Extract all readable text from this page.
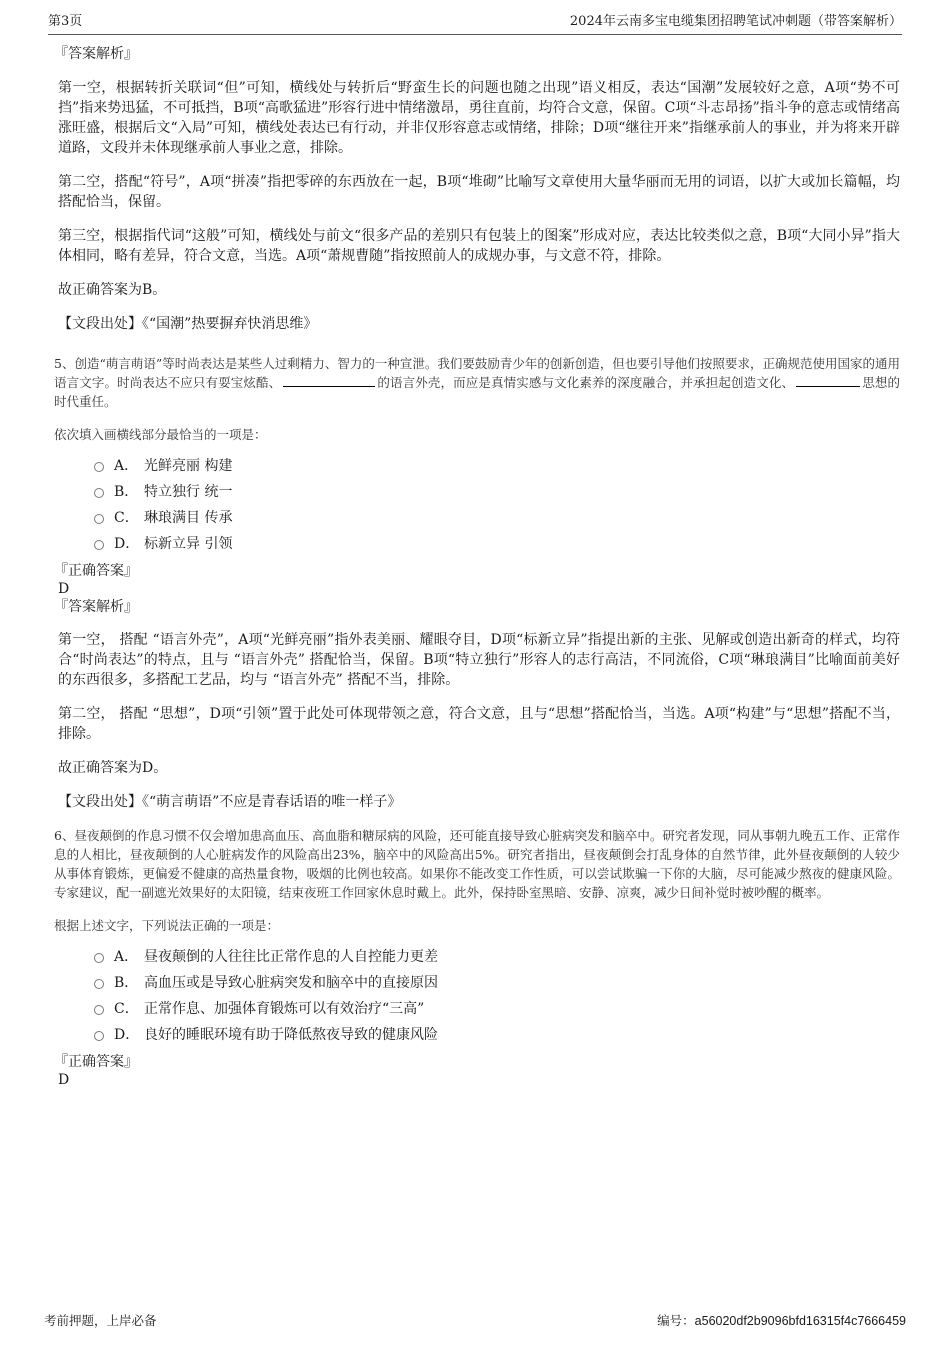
第3页	2024年云南多宝电缆集团招聘笔试冲刺题（带答案解析）

『答案解析』

第一空，根据转折关联词“但”可知，横线处与转折后“野蛮生长的问题也随之出现”语义相反，表达“国潮”发展较好之意，A项“势不可挡”指来势迅猛，不可抵挡，B项“高歌猛进”形容行进中情绪激昂，勇往直前，均符合文意，保留。C项“斗志昂扬”指斗争的意志或情绪高涨旺盛，根据后文“入局”可知，横线处表达已有行动，并非仅形容意志或情绪，排除；D项“继往开来”指继承前人的事业，并为将来开辟道路，文段并未体现继承前人事业之意，排除。

第二空，搭配“符号”，A项“拼凑”指把零碎的东西放在一起，B项“堆砌”比喻写文章使用大量华丽而无用的词语，以扩大或加长篇幅，均搭配恰当，保留。

第三空，根据指代词“这般”可知，横线处与前文“很多产品的差别只有包装上的图案”形成对应，表达比较类似之意，B项“大同小异”指大体相同，略有差异，符合文意，当选。A项“萧规曹随”指按照前人的成规办事，与文意不符，排除。

故正确答案为B。

【文段出处】《“国潮”热要摒弃快消思维》

5、创造“萌言萌语”等时尚表达是某些人过剩精力、智力的一种宣泄。我们要鼓励青少年的创新创造，但也要引导他们按照要求，正确规范使用国家的通用语言文字。时尚表达不应只有耍宝炫酷、	的语言外壳，而应是真情实感与文化素养的深度融合，并承担起创造文化、	思想的时代重任。

依次填入画横线部分最恰当的一项是：

A． 光鲜亮丽 构建
B． 特立独行 统一
C． 琳琅满目 传承
D． 标新立异 引领

『正确答案』

D

『答案解析』

第一空， 搭配 “语言外壳”，A项“光鲜亮丽”指外表美丽、耀眼夺目，D项“标新立异”指提出新的主张、见解或创造出新奇的样式，均符合“时尚表达”的特点，且与 “语言外壳” 搭配恰当，保留。B项“特立独行”形容人的志行高洁，不同流俗，C项“琳琅满目”比喻面前美好的东西很多，多搭配工艺品，均与 “语言外壳” 搭配不当，排除。

第二空， 搭配 “思想”，D项“引领”置于此处可体现带领之意，符合文意，且与“思想”搭配恰当，当选。A项“构建”与“思想”搭配不当，排除。

故正确答案为D。

【文段出处】《“萌言萌语”不应是青春话语的唯一样子》

6、昼夜颠倒的作息习惯不仅会增加患高血压、高血脂和糖尿病的风险，还可能直接导致心脏病突发和脑卒中。研究者发现，同从事朝九晚五工作、正常作息的人相比，昼夜颠倒的人心脏病发作的风险高出23%，脑卒中的风险高出5%。研究者指出，昼夜颠倒会打乱身体的自然节律，此外昼夜颠倒的人较少从事体育锻炼，更偏爱不健康的高热量食物，吸烟的比例也较高。如果你不能改变工作性质，可以尝试欺骗一下你的大脑，尽可能减少熬夜的健康风险。专家建议，配一副遮光效果好的太阳镜，结束夜班工作回家休息时戴上。此外，保持卧室黑暗、安静、凉爽，减少日间补觉时被吵醒的概率。

根据上述文字，下列说法正确的一项是：

A． 昼夜颠倒的人往往比正常作息的人自控能力更差
B． 高血压或是导致心脏病突发和脑卒中的直接原因
C． 正常作息、加强体育锻炼可以有效治疗“三高”
D． 良好的睡眠环境有助于降低熬夜导致的健康风险

『正确答案』

D

考前押题，上岸必备	编号：a56020df2b9096bfd16315f4c7666459
